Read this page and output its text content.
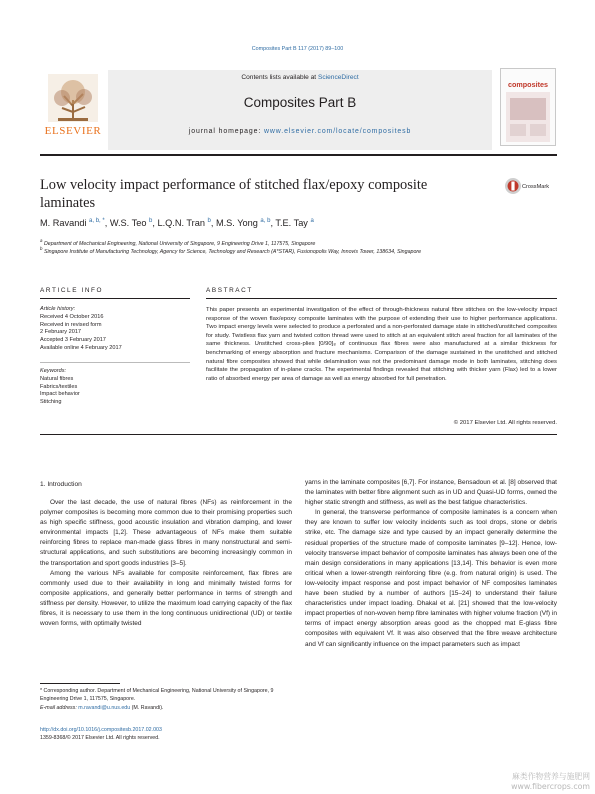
Composites Part B 117 (2017) 89–100
Contents lists available at ScienceDirect
Composites Part B
journal homepage: www.elsevier.com/locate/compositesb
ELSEVIER
composites
Low velocity impact performance of stitched flax/epoxy composite
laminates
CrossMark
M. Ravandi $^{a, b, *}$, W.S. Teo $^b$, L.Q.N. Tran $^b$, M.S. Yong $^{a, b}$, T.E. Tay $^a$
$^a$ Department of Mechanical Engineering, National University of Singapore, 9 Engineering Drive 1, 117575, Singapore
$^b$ Singapore Institute of Manufacturing Technology, Agency for Science, Technology and Research (A*STAR), Fusionopolis Way, Innovis Tower, 138634, Singapore
ARTICLE INFO	ABSTRACT
Article history:
Received 4 October 2016
Received in revised form
2 February 2017
Accepted 3 February 2017
Available online 4 February 2017
Keywords:
Natural fibres
Fabrics/textiles
Impact behavior
Stitching
This paper presents an experimental investigation of the effect of through-thickness natural fibre stitches on the low-velocity impact response of the woven flax/epoxy composite laminates with the purpose of extending their use to higher performance applications. Two impact energy levels were selected to produce a perforated and a non-perforated damage state in stitched/unstitched composites for study. Twistless flax yarn and twisted cotton thread were used to stitch at an equivalent stitch areal fraction for all laminates of the same thickness. Unstitched cross-plies [0/90]₈ of continuous flax fibres were also manufactured at a similar thickness for benchmarking of energy absorption and fracture mechanisms. Comparison of the damage sustained in the unstitched and stitched natural fibre composites showed that while delamination was not the predominant damage mode in both laminates, stitching does facilitate the propagation of in-plane cracks. The experimental findings revealed that stitching with thicker yarn (Flax) led to a lower ratio of absorbed energy per area of damage as well as energy absorbed for full penetration.
© 2017 Elsevier Ltd. All rights reserved.
1. Introduction

Over the last decade, the use of natural fibres (NFs) as reinforcement in the polymer composites is becoming more common due to their promising properties such as high specific stiffness, good acoustic insulation and vibration damping, and lower environmental impacts [1,2]. These advantageous of NFs make them suitable reinforcing fibres to replace man-made glass fibres in many nonstructural and semi-structural applications, and such substitutions are becoming increasingly common in the transportation and sport goods industries [3–5].

Among the various NFs available for composite reinforcement, flax fibres are commonly used due to their availability in long and minimally twisted forms for composite applications, and generally better performance in terms of strength and stiffness per density. However, to utilize the maximum load carrying capacity of the flax fibres, it is necessary to use them in the long continuous unidirectional (UD) or textile woven forms, with optimally twisted

yarns in the laminate composites [6,7]. For instance, Bensadoun et al. [8] observed that the laminates with better fibre alignment such as in UD and Quasi-UD forms, owned the higher static strength and stiffness, as well as the best fatigue characteristics.

In general, the transverse performance of composite laminates is a concern when they are known to suffer low velocity incidents such as tool drops, stone or debris strike, etc. The damage size and type caused by an impact generally determine the residual properties of the structure made of composite laminates [9–12]. Hence, low-velocity transverse impact behavior of composite laminates has always been one of the main design considerations in many applications [13,14]. This behavior is even more critical when a lower-strength reinforcing fibre (e.g. from natural origin) is used. The low-velocity impact response and post impact behavior of NF composites laminates have been studied by a number of authors [15–24] to understand their failure characteristics under impact loading. Dhakal et al. [21] showed that the low-velocity impact properties of non-woven hemp fibre laminates with higher volume fraction (Vf) in terms of impact energy absorption areas good as the chopped mat E-glass fibre composites with equivalent Vf. It was also observed that the fibre weave architecture and Vf can significantly influence on the impact parameters such as impact

* Corresponding author. Department of Mechanical Engineering, National University of Singapore, 9 Engineering Drive 1, 117575, Singapore.
E-mail address: m.ravandi@u.nus.edu (M. Ravandi).
http://dx.doi.org/10.1016/j.compositesb.2017.02.003
1359-8368/© 2017 Elsevier Ltd. All rights reserved.
麻类作物营养与施肥网
www.fibercrops.com
